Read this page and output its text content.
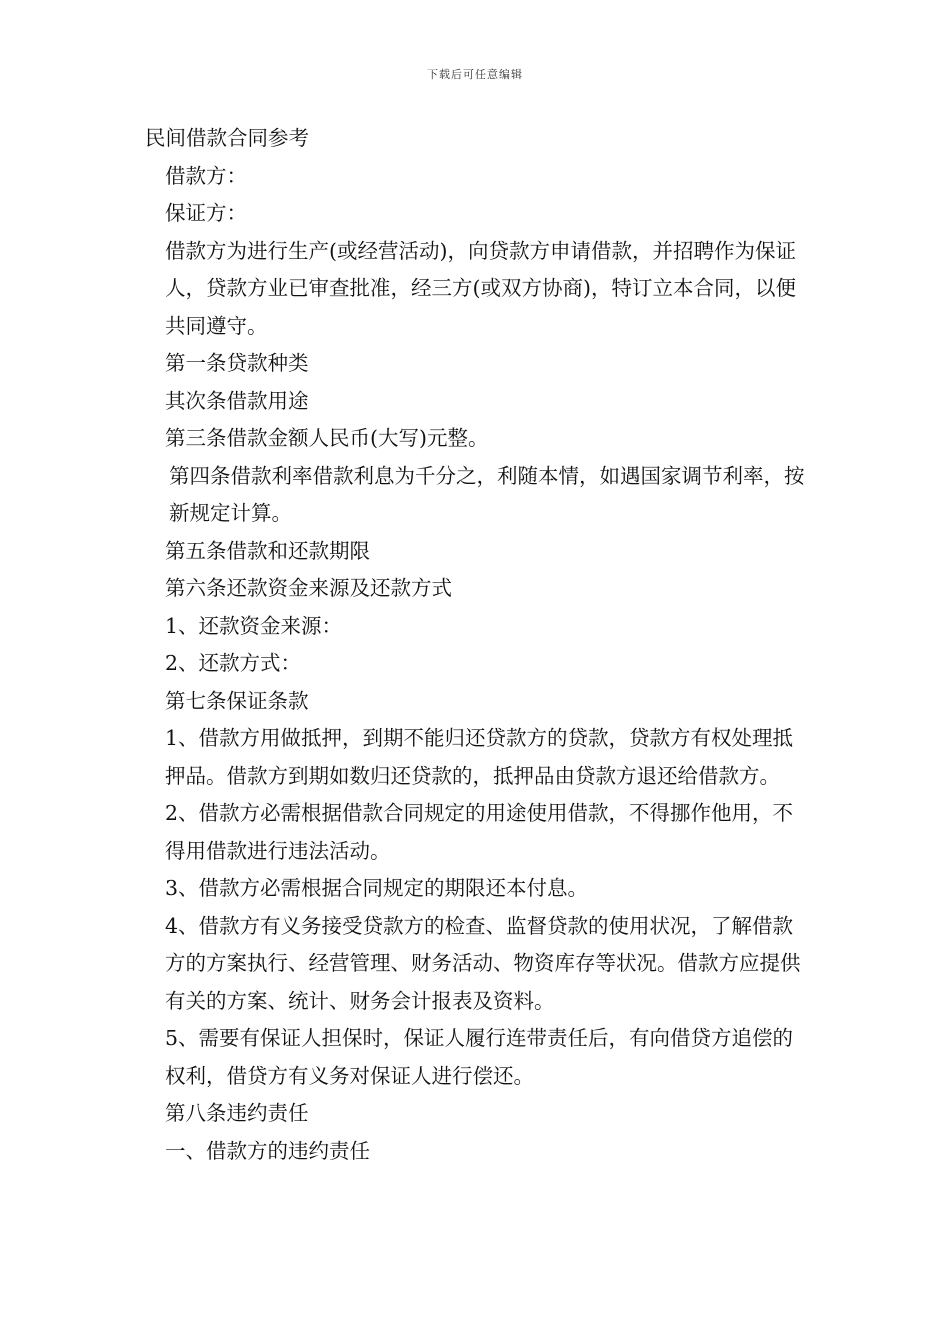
下载后可任意编辑

民间借款合同参考

借款方：

保证方：

借款方为进行生产(或经营活动)，向贷款方申请借款，并招聘作为保证人，贷款方业已审查批准，经三方(或双方协商)，特订立本合同，以便共同遵守。

第一条贷款种类

其次条借款用途

第三条借款金额人民币(大写)元整。

第四条借款利率借款利息为千分之，利随本情，如遇国家调节利率，按新规定计算。

第五条借款和还款期限

第六条还款资金来源及还款方式

1、还款资金来源：

2、还款方式：

第七条保证条款

1、借款方用做抵押，到期不能归还贷款方的贷款，贷款方有权处理抵押品。借款方到期如数归还贷款的，抵押品由贷款方退还给借款方。

2、借款方必需根据借款合同规定的用途使用借款，不得挪作他用，不得用借款进行违法活动。

3、借款方必需根据合同规定的期限还本付息。

4、借款方有义务接受贷款方的检查、监督贷款的使用状况，了解借款方的方案执行、经营管理、财务活动、物资库存等状况。借款方应提供有关的方案、统计、财务会计报表及资料。

5、需要有保证人担保时，保证人履行连带责任后，有向借贷方追偿的权利，借贷方有义务对保证人进行偿还。

第八条违约责任

一、借款方的违约责任
